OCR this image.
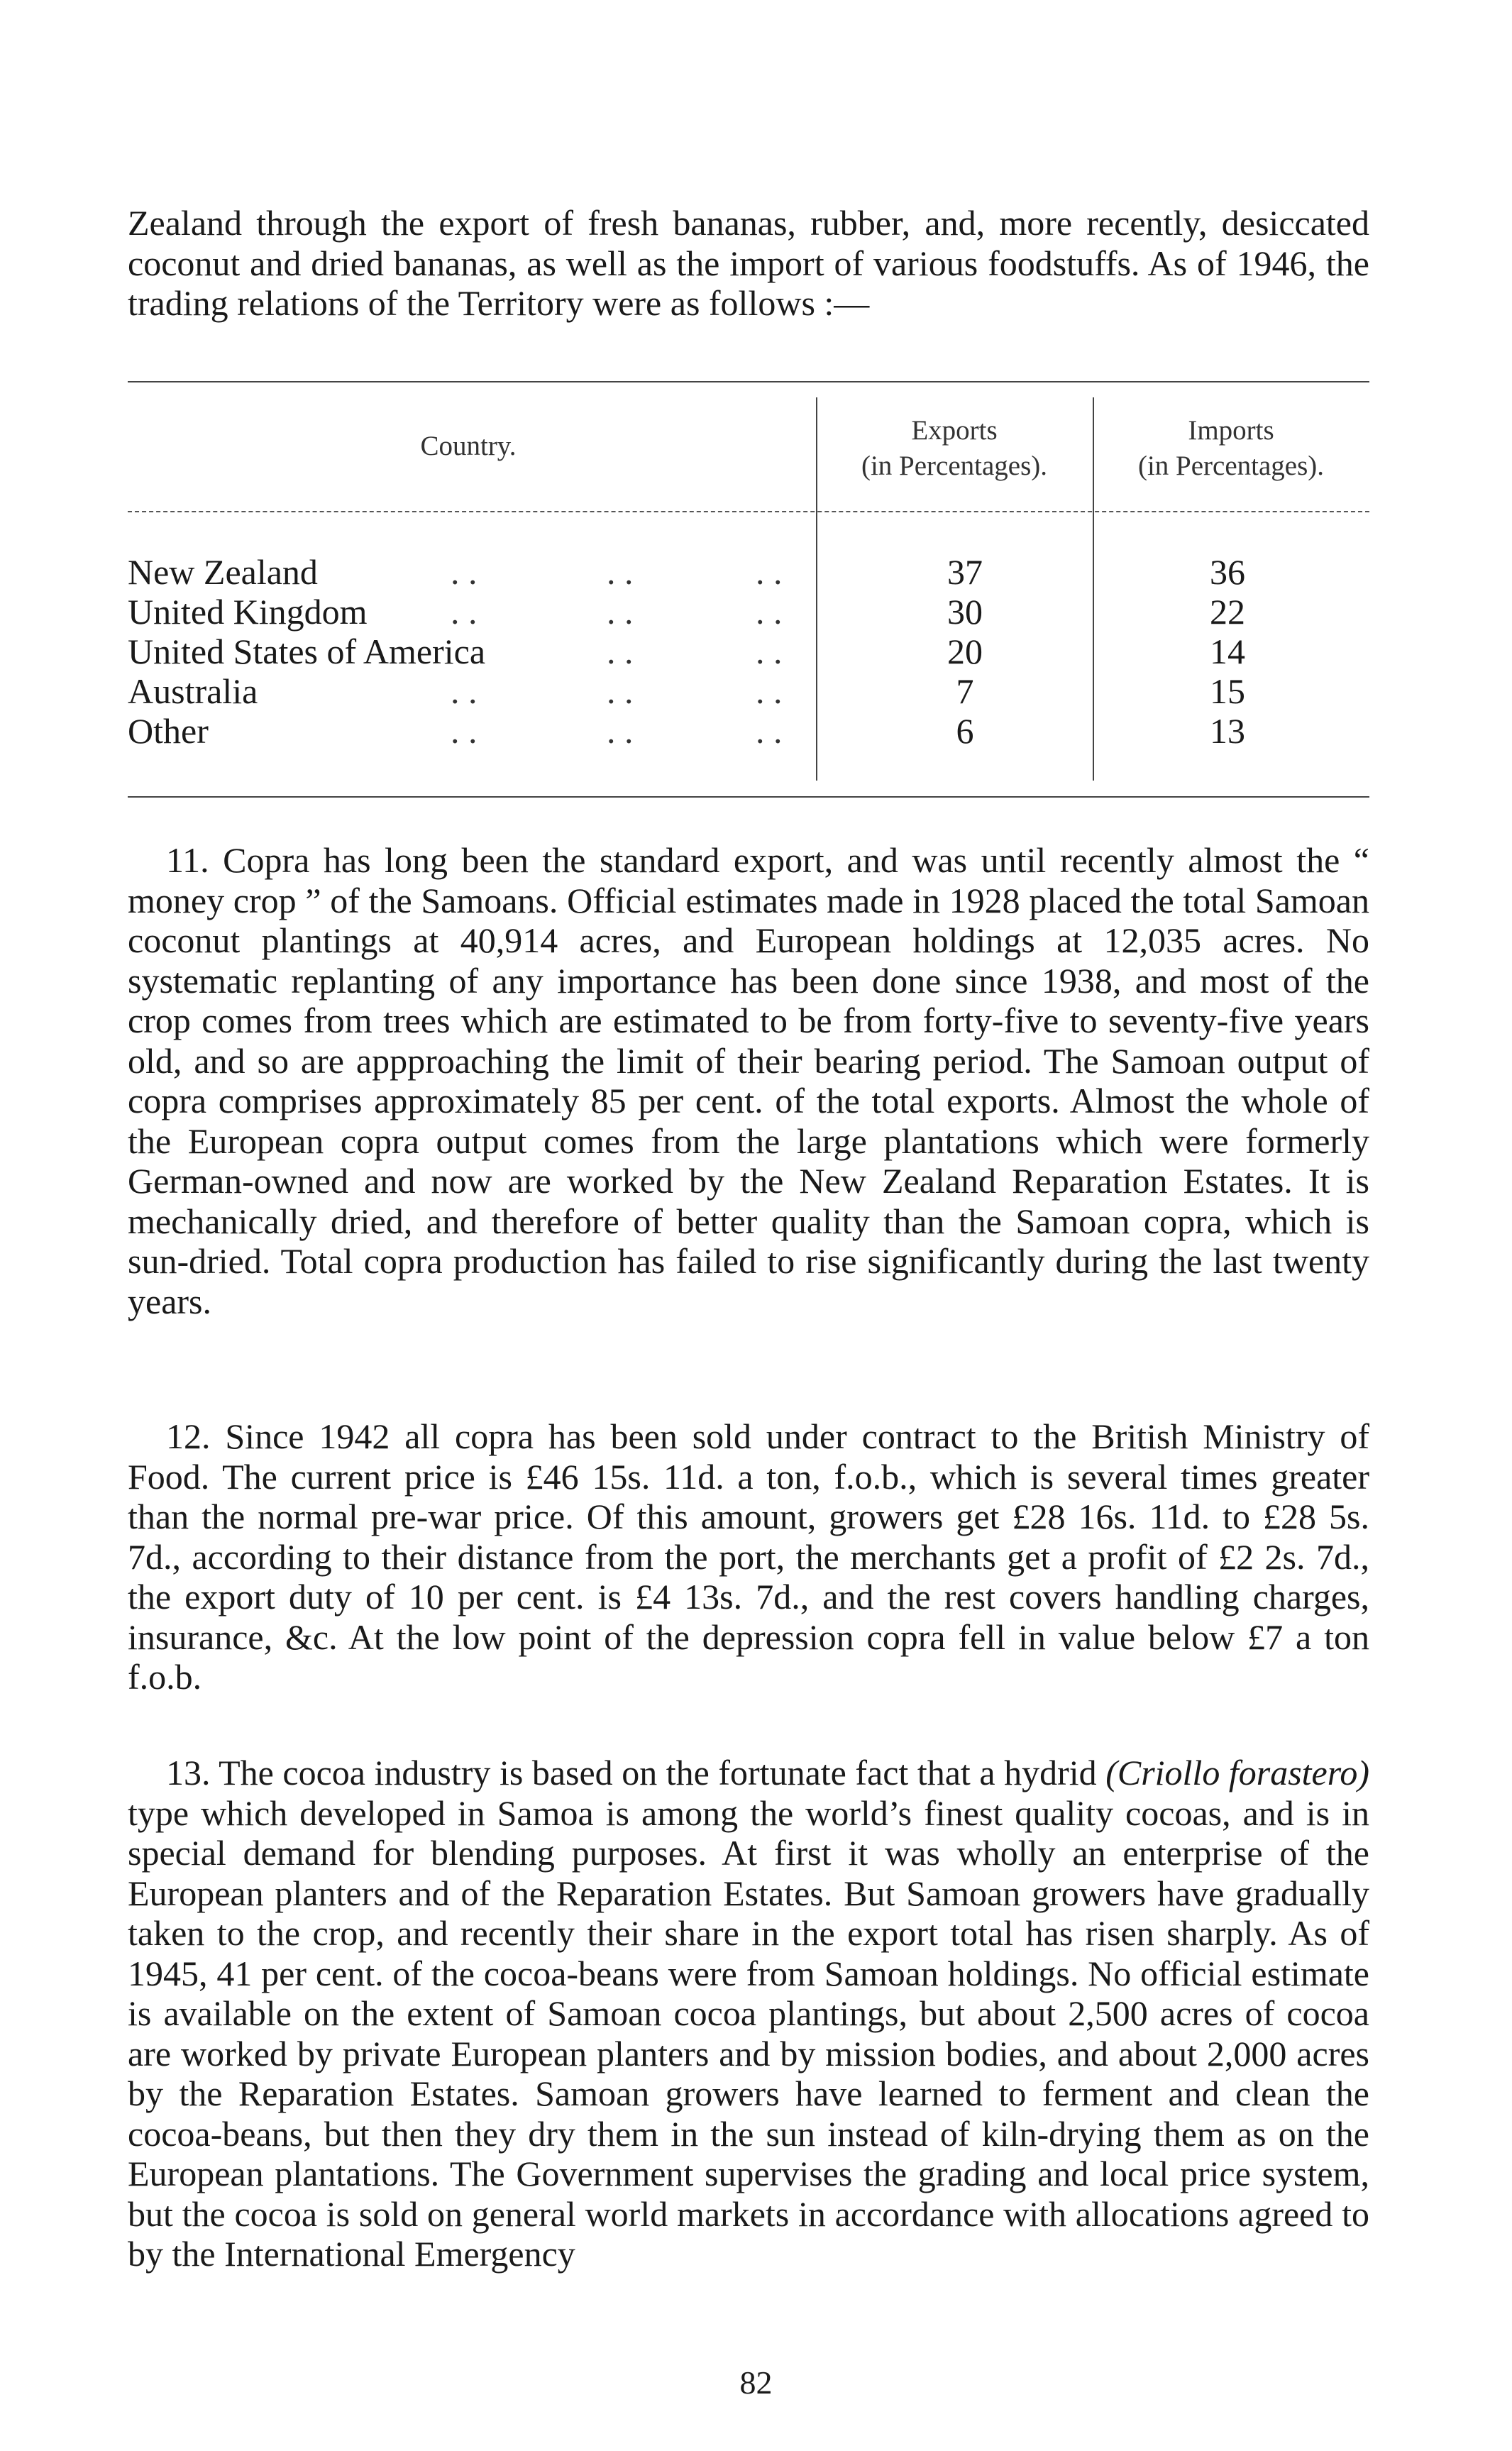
Zealand through the export of fresh bananas, rubber, and, more recently, desiccated coconut and dried bananas, as well as the import of various foodstuffs. As of 1946, the trading relations of the Territory were as follows :—

Country.
Exports
(in Percentages).
Imports
(in Percentages).
New Zealand	. .	. .	. .	37	36
United Kingdom	. .	. .	. .	30	22
United States of America	. .	. .	20	14
Australia	. .	. .	. .	7	15
Other	. .	. .	. .	6	13

11. Copra has long been the standard export, and was until recently almost the “ money crop ” of the Samoans. Official estimates made in 1928 placed the total Samoan coconut plantings at 40,914 acres, and European holdings at 12,035 acres. No systematic replanting of any importance has been done since 1938, and most of the crop comes from trees which are estimated to be from forty-five to seventy-five years old, and so are appproaching the limit of their bearing period. The Samoan output of copra comprises approximately 85 per cent. of the total exports. Almost the whole of the European copra output comes from the large plantations which were formerly German-owned and now are worked by the New Zealand Reparation Estates. It is mechanically dried, and therefore of better quality than the Samoan copra, which is sun-dried. Total copra production has failed to rise significantly during the last twenty years.

12. Since 1942 all copra has been sold under contract to the British Ministry of Food. The current price is £46 15s. 11d. a ton, f.o.b., which is several times greater than the normal pre-war price. Of this amount, growers get £28 16s. 11d. to £28 5s. 7d., according to their distance from the port, the merchants get a profit of £2 2s. 7d., the export duty of 10 per cent. is £4 13s. 7d., and the rest covers handling charges, insurance, &c. At the low point of the depression copra fell in value below £7 a ton f.o.b.

13. The cocoa industry is based on the fortunate fact that a hydrid (Criollo forastero) type which developed in Samoa is among the world’s finest quality cocoas, and is in special demand for blending purposes. At first it was wholly an enterprise of the European planters and of the Reparation Estates. But Samoan growers have gradually taken to the crop, and recently their share in the export total has risen sharply. As of 1945, 41 per cent. of the cocoa-beans were from Samoan holdings. No official estimate is available on the extent of Samoan cocoa plantings, but about 2,500 acres of cocoa are worked by private European planters and by mission bodies, and about 2,000 acres by the Reparation Estates. Samoan growers have learned to ferment and clean the cocoa-beans, but then they dry them in the sun instead of kiln-drying them as on the European plantations. The Government supervises the grading and local price system, but the cocoa is sold on general world markets in accordance with allocations agreed to by the International Emergency

82
